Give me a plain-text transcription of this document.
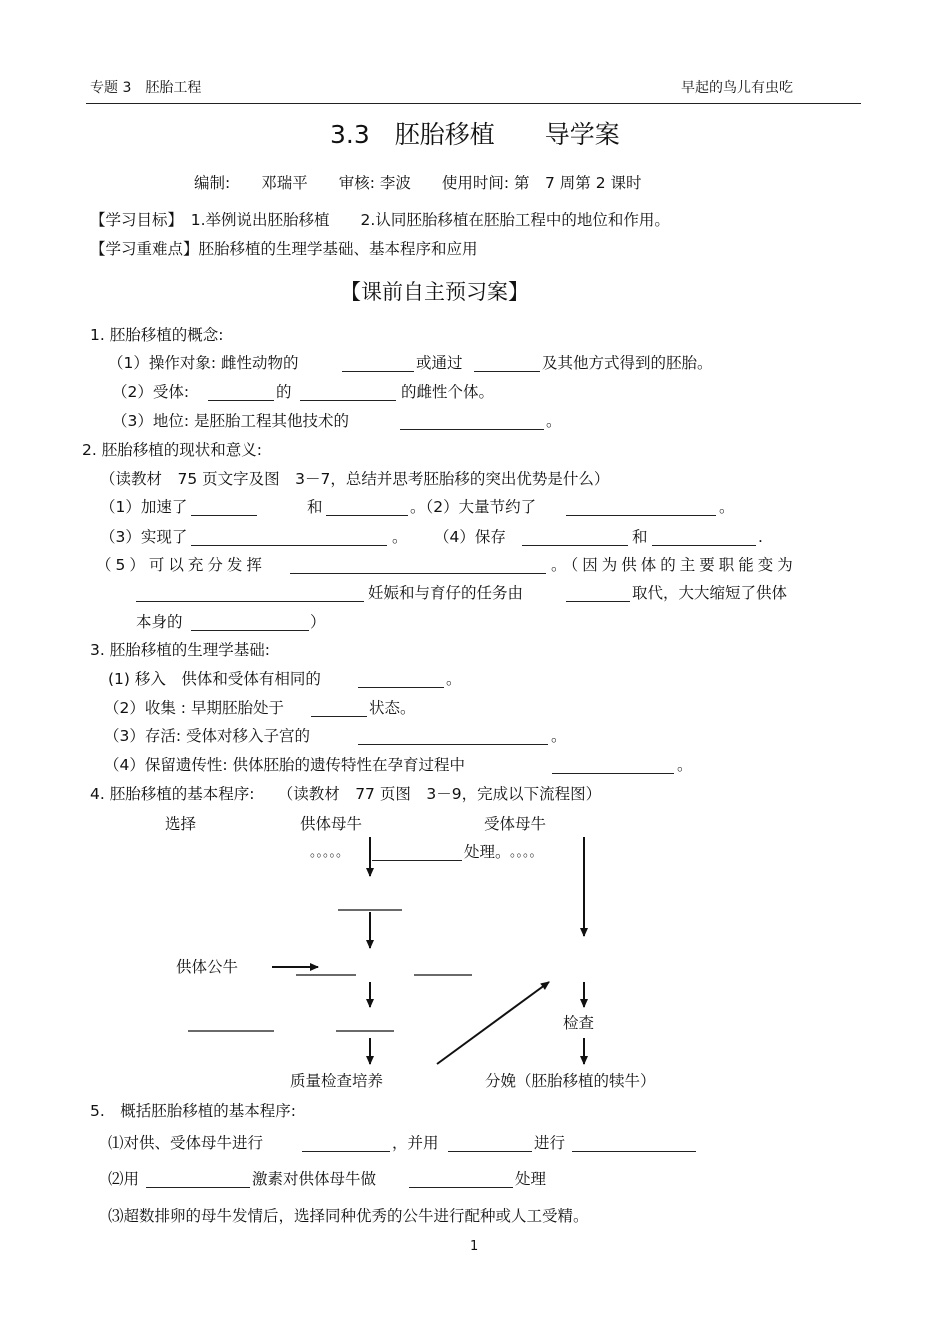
专题 3　胚胎工程	早起的鸟儿有虫吃
3.3　胚胎移植　　导学案
编制:　　邓瑞平　　审核: 李波　　使用时间: 第　7 周第 2 课时
【学习目标】　1.举例说出胚胎移植　　2.认同胚胎移植在胚胎工程中的地位和作用。
【学习重难点】胚胎移植的生理学基础、基本程序和应用
【课前自主预习案】
1. 胚胎移植的概念:
（1）操作对象: 雌性动物的	或通过	及其他方式得到的胚胎。
（2）受体:	的	的雌性个体。
（3）地位: 是胚胎工程其他技术的	。
2. 胚胎移植的现状和意义:
（读教材　75 页文字及图　3－7，总结并思考胚胎移的突出优势是什么）
（1）加速了	和	。（2）大量节约了	。
（3）实现了	。 （4）保存	和	.
（5）可以充分发挥	。（因为供体的主要职能变为
妊娠和与育仔的任务由	取代，大大缩短了供体
本身的	）
3. 胚胎移植的生理学基础:
(1) 移入　供体和受体有相同的	。
（2）收集 : 早期胚胎处于	状态。
（3）存活: 受体对移入子宫的	。
（4）保留遗传性: 供体胚胎的遗传特性在孕育过程中	。
4. 胚胎移植的基本程序:　　（读教材　77 页图　3－9，完成以下流程图）
选择	供体母牛	受体母牛
。。。。。	处理。 。。。。
供体公牛
检查
质量检查培养	分娩（胚胎移植的犊牛）
5.　概括胚胎移植的基本程序:
⑴对供、受体母牛进行	，并用	进行
⑵用	激素对供体母牛做	处理
⑶超数排卵的母牛发情后，选择同种优秀的公牛进行配种或人工受精。
1
